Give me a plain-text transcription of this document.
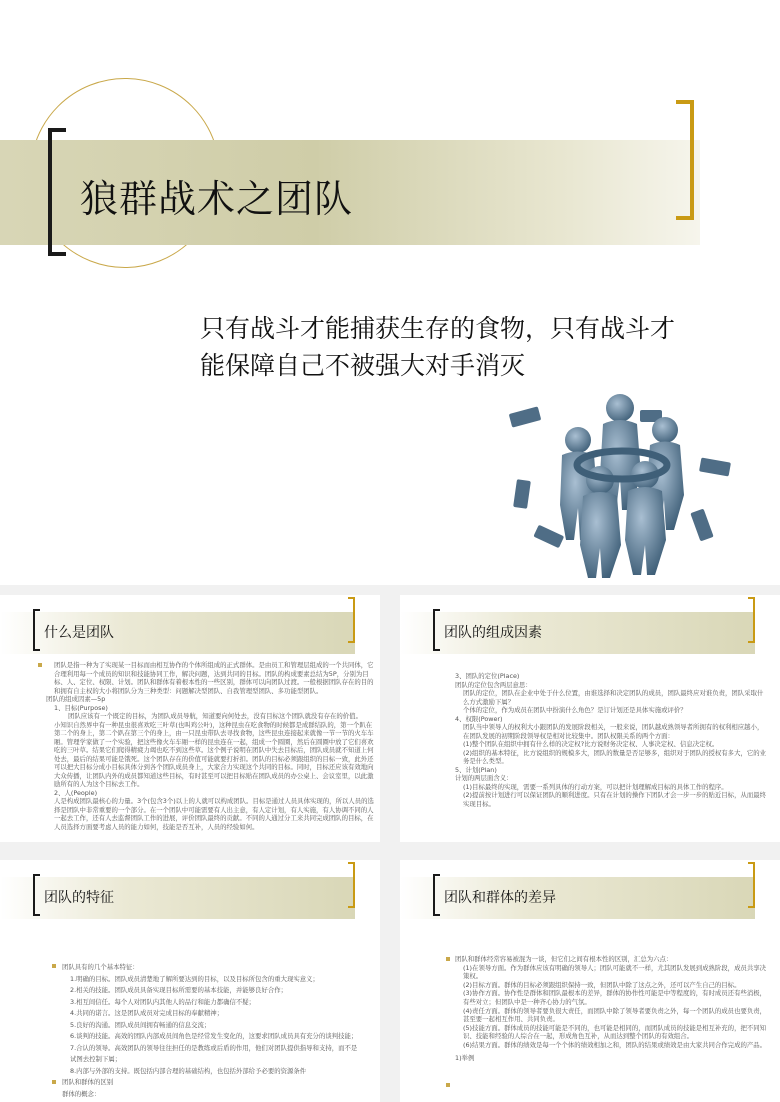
狼群战术之团队
只有战斗才能捕获生存的食物，只有战斗才能保障自己不被强大对手消灭
什么是团队

团队是指一种为了实现某一目标而由相互协作的个体所组成的正式群体。是由员工和管理层组成的一个共同体，它合理利用每一个成员的知识和技能协同工作，解决问题，达到共同的目标。团队的构成要素总结为5P，分别为目标、人、定位、权限、计划。团队和群体有着根本性的一些区别，群体可以向团队过渡。一般根据团队存在的目的和拥有自主权的大小将团队分为三种类型：问题解决型团队、自我管理型团队、多功能型团队。

团队的组成因素—5p

1、目标(Purpose)

团队应该有一个既定的目标，为团队成员导航，知道要向何处去，没有目标这个团队就没有存在的价值。

小知识自然界中有一种昆虫很喜欢吃三叶草(也叫鸡公叶)，这种昆虫在吃食物的时候都是成群结队的，第一个趴在第二个的身上，第二个趴在第三个的身上，由一只昆虫带队去寻找食物，这些昆虫连接起来就像一节一节的火车车厢。管理学家做了一个实验，把这些像火车车厢一样的昆虫连在一起，组成一个圆圈，然后在圆圈中放了它们喜欢吃的三叶草。结果它们爬得精疲力竭也吃不到这些草。这个例子说明在团队中失去目标后，团队成员就不知道上何处去，最后的结果可能是饿死。这个团队存在的价值可能就要打折扣。团队的目标必须跟组织的目标一致，此外还可以把大目标分成小目标具体分到各个团队成员身上，大家合力实现这个共同的目标。同时，目标还应该有效地向大众传播，让团队内外的成员都知道这些目标，有时甚至可以把目标贴在团队成员的办公桌上、会议室里，以此激励所有的人为这个目标去工作。

2、人(People)

人是构成团队最核心的力量。3个(包含3个)以上的人就可以构成团队。目标是通过人员具体实现的，所以人员的选择是团队中非常重要的一个部分。在一个团队中可能需要有人出主意，有人定计划，有人实施，有人协调不同的人一起去工作，还有人去监督团队工作的进展，评价团队最终的贡献。不同的人通过分工来共同完成团队的目标，在人员选择方面要考虑人员的能力如何，技能是否互补，人员的经验如何。

团队的组成因素

3、团队的定位(Place)

团队的定位包含两层意思：

团队的定位，团队在企业中处于什么位置，由谁选择和决定团队的成员，团队最终应对谁负责，团队采取什么方式激励下属？

个体的定位，作为成员在团队中扮演什么角色？是订计划还是具体实施或评价？

4、权限(Power)

团队当中领导人的权利大小跟团队的发展阶段相关，一般来说，团队越成熟领导者所拥有的权利相应越小，在团队发展的初期阶段领导权是相对比较集中。团队权限关系的两个方面：

(1)整个团队在组织中拥有什么样的决定权?比方说财务决定权、人事决定权、信息决定权。

(2)组织的基本特征，比方说组织的规模多大，团队的数量是否足够多，组织对于团队的授权有多大，它的业务是什么类型。

5、计划(Plan)

计划的两层面含义：

(1)目标最终的实现，需要一系列具体的行动方案，可以把计划理解成目标的具体工作的程序。

(2)提前按计划进行可以保证团队的顺利进度。只有在计划的操作下团队才会一步一步的贴近目标，从而最终实现目标。

团队的特征

团队具有的几个基本特征：

1.明确的目标。团队成员清楚地了解所要达到的目标，以及目标所包含的重大现实意义；

2.相关的技能。团队成员具备实现目标所需要的基本技能，并能够良好合作；

3.相互间信任。每个人对团队内其他人的品行和能力都确信不疑；

4.共同的诺言。这是团队成员对完成目标的奉献精神；

5.良好的沟通。团队成员间拥有畅通的信息交流；

6.谈判的技能。高效的团队内部成员间角色是经常发生变化的，这要求团队成员具有充分的谈判技能；

7.合认的领导。高效团队的领导往往担任的是教练或后盾的作用，他们对团队提供指导和支持，而不是试图去控制下属；

8.内部与外部的支持。既包括内部合理的基础结构，也包括外部给予必要的资源条件

团队和群体的区别

群体的概念：

团队和群体的差异

团队和群体经常容易被混为一谈，但它们之间有根本性的区别，汇总为六点：

(1)在领导方面。作为群体应该有明确的领导人；团队可能就不一样，尤其团队发展到成熟阶段，成员共享决策权。

(2)目标方面。群体的目标必须跟组织保持一致，但团队中除了这点之外，还可以产生自己的目标。

(3)协作方面。协作性是群体和团队最根本的差异，群体的协作性可能是中等程度的，有时成员还有些消极，有些对立；但团队中是一种齐心协力的气氛。

(4)责任方面。群体的领导者要负很大责任，而团队中除了领导者要负责之外，每一个团队的成员也要负责，甚至要一起相互作用、共同负责。

(5)技能方面。群体成员的技能可能是不同的，也可能是相同的，而团队成员的技能是相互补充的，把不同知识、技能和经验的人综合在一起，形成角色互补，从而达到整个团队的有效组合。

(6)结果方面。群体的绩效是每一个个体的绩效相加之和，团队的结果或绩效是由大家共同合作完成的产品。

1)举例
